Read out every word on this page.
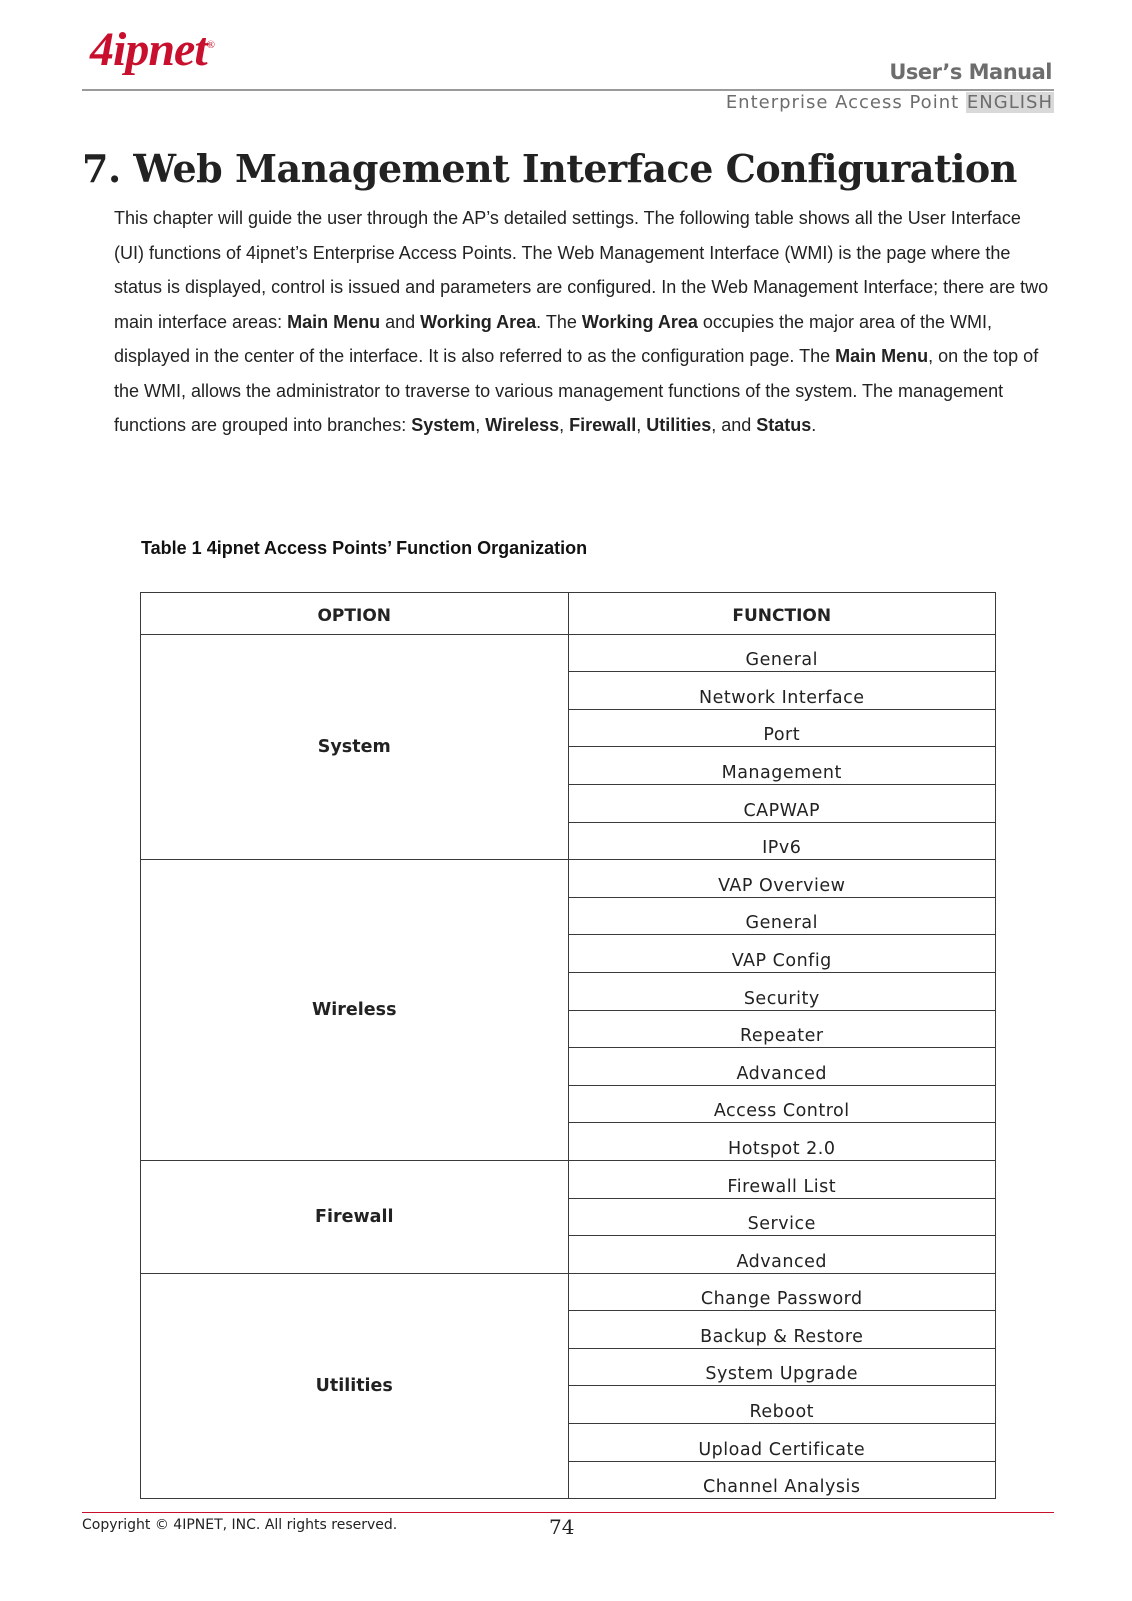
4ipnet®
User’s Manual
Enterprise Access Point ENGLISH
7. Web Management Interface Configuration

This chapter will guide the user through the AP’s detailed settings. The following table shows all the User Interface (UI) functions of 4ipnet’s Enterprise Access Points. The Web Management Interface (WMI) is the page where the status is displayed, control is issued and parameters are configured. In the Web Management Interface; there are two main interface areas: Main Menu and Working Area. The Working Area occupies the major area of the WMI, displayed in the center of the interface. It is also referred to as the configuration page. The Main Menu, on the top of the WMI, allows the administrator to traverse to various management functions of the system. The management functions are grouped into branches: System, Wireless, Firewall, Utilities, and Status.

Table 1 4ipnet Access Points’ Function Organization
OPTION	FUNCTION
System	General
	Network Interface
	Port
	Management
	CAPWAP
	IPv6
Wireless	VAP Overview
	General
	VAP Config
	Security
	Repeater
	Advanced
	Access Control
	Hotspot 2.0
Firewall	Firewall List
	Service
	Advanced
Utilities	Change Password
	Backup & Restore
	System Upgrade
	Reboot
	Upload Certificate
	Channel Analysis
Copyright © 4IPNET, INC. All rights reserved.	74
